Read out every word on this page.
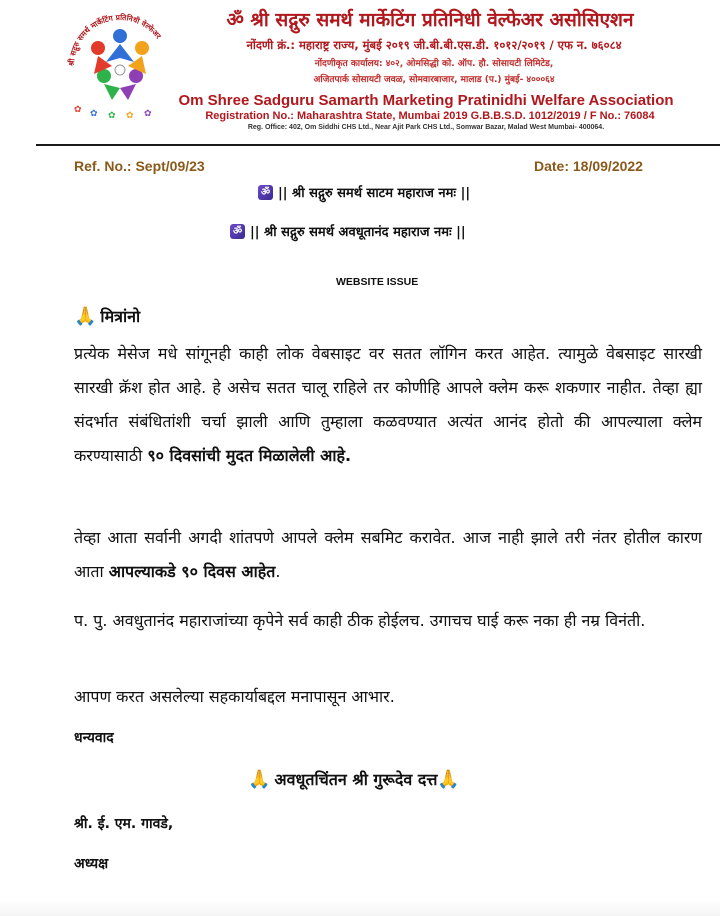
श्री सद्गुरु समर्थ मार्केटिंग प्रतिनिधी वेल्फेअर
✿ ✿ ✿ ✿ ✿
ॐ श्री सद्गुरु समर्थ मार्केटिंग प्रतिनिधी वेल्फेअर असोसिएशन
नोंदणी क्रं.: महाराष्ट्र राज्य, मुंबई २०१९ जी.बी.बी.एस.डी. १०१२/२०१९ / एफ न. ७६०८४
नोंदणीकृत कार्यालय: ४०२, ओमसिद्धी को. ऑप. हौ. सोसायटी लिमिटेड,
अजितपार्क सोसायटी जवळ, सोमवारबाजार, मालाड (प.) मुंबई- ४०००६४
Om Shree Sadguru Samarth Marketing Pratinidhi Welfare Association
Registration No.: Maharashtra State, Mumbai 2019 G.B.B.S.D. 1012/2019 / F No.: 76084
Reg. Office: 402, Om Siddhi CHS Ltd., Near Ajit Park CHS Ltd., Somwar Bazar, Malad West Mumbai- 400064.
Ref. No.: Sept/09/23	Date: 18/09/2022
ॐ || श्री सद्गुरु समर्थ साटम महाराज नमः ||
ॐ || श्री सद्गुरु समर्थ अवधूतानंद महाराज नमः ||
WEBSITE ISSUE
🙏 मित्रांनो
प्रत्येक मेसेज मधे सांगूनही काही लोक वेबसाइट वर सतत लॉगिन करत आहेत. त्यामुळे वेबसाइट सारखी सारखी क्रॅश होत आहे. हे असेच सतत चालू राहिले तर कोणीहि आपले क्लेम करू शकणार नाहीत. तेव्हा ह्या संदर्भात संबंधितांशी चर्चा झाली आणि तुम्हाला कळवण्यात अत्यंत आनंद होतो की आपल्याला क्लेम करण्यासाठी ९० दिवसांची मुदत मिळालेली आहे.
तेव्हा आता सर्वानी अगदी शांतपणे आपले क्लेम सबमिट करावेत. आज नाही झाले तरी नंतर होतील कारण आता आपल्याकडे ९० दिवस आहेत.
प. पु. अवधुतानंद महाराजांच्या कृपेने सर्व काही ठीक होईलच. उगाचच घाई करू नका ही नम्र विनंती.
आपण करत असलेल्या सहकार्याबद्दल मनापासून आभार.
धन्यवाद
🙏 अवधूतचिंतन श्री गुरूदेव दत्त 🙏
श्री. ई. एम. गावडे,
अध्यक्ष
